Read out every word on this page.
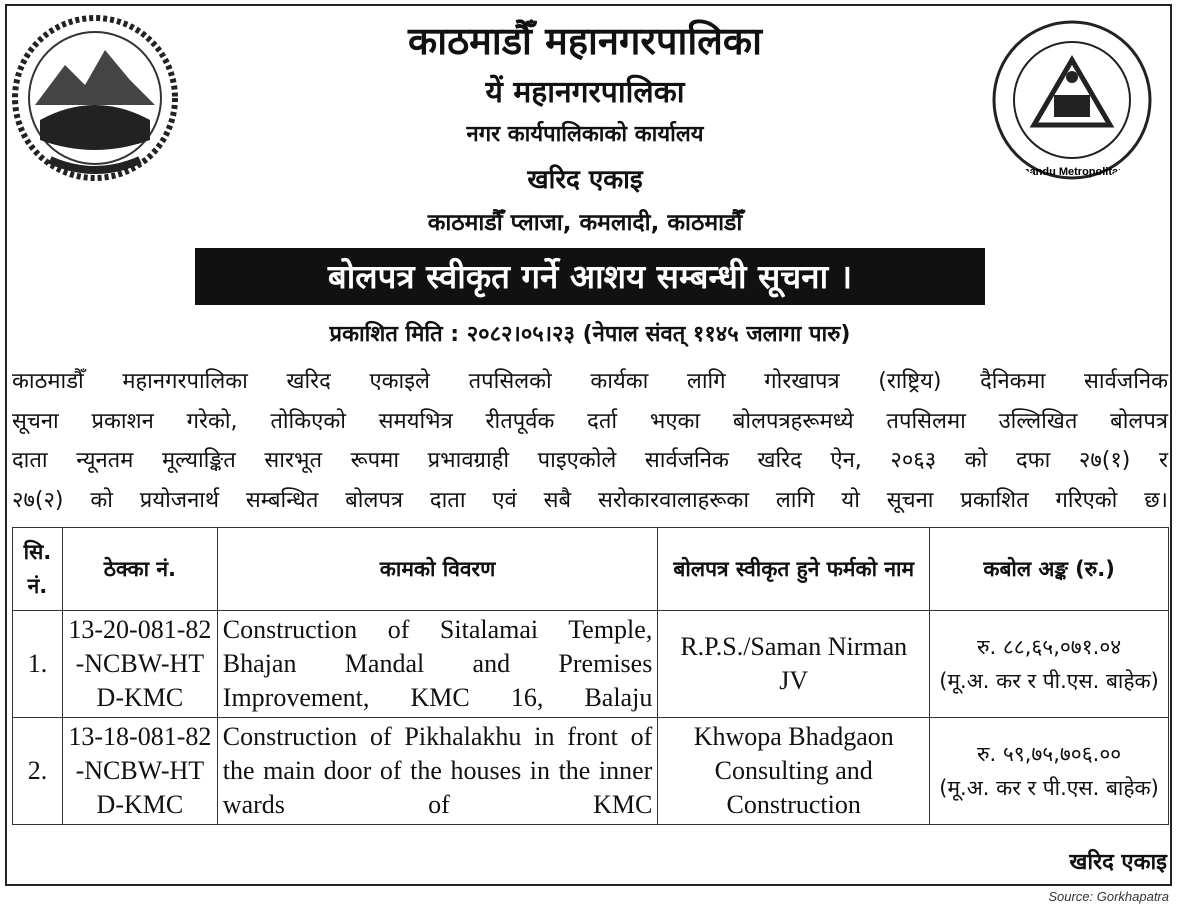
Kathmandu Metropolitan City
काठमाडौँ महानगरपालिका
यें महानगरपालिका
नगर कार्यपालिकाको कार्यालय
खरिद एकाइ
काठमाडौँ प्लाजा, कमलादी, काठमाडौँ
बोलपत्र स्वीकृत गर्ने आशय सम्बन्धी सूचना ।
प्रकाशित मिति : २०८२।०५।२३ (नेपाल संवत् ११४५ जलागा पारु)
काठमाडौँ महानगरपालिका खरिद एकाइले तपसिलको कार्यका लागि गोरखापत्र (राष्ट्रिय) दैनिकमा सार्वजनिक
सूचना प्रकाशन गरेको, तोकिएको समयभित्र रीतपूर्वक दर्ता भएका बोलपत्रहरूमध्ये तपसिलमा उल्लिखित बोलपत्र
दाता न्यूनतम मूल्याङ्कित सारभूत रूपमा प्रभावग्राही पाइएकोले सार्वजनिक खरिद ऐन, २०६३ को दफा २७(१) र
२७(२) को प्रयोजनार्थ सम्बन्धित बोलपत्र दाता एवं सबै सरोकारवालाहरूका लागि यो सूचना प्रकाशित गरिएको छ।
सि. नं.	ठेक्का नं.	कामको विवरण	बोलपत्र स्वीकृत हुने फर्मको नाम	कबोल अङ्क (रु.)
1.	13-20-081-82-NCBW-HTD-KMC	Construction of Sitalamai Temple, Bhajan Mandal and Premises Improvement, KMC 16, Balaju	R.P.S./Saman Nirman JV	रु. ८८,६५,०७१.०४
(मू.अ. कर र पी.एस. बाहेक)

2.	13-18-081-82-NCBW-HTD-KMC	Construction of Pikhalakhu in front of the main door of the houses in the inner wards of KMC	Khwopa Bhadgaon Consulting and Construction	रु. ५९,७५,७०६.००
(मू.अ. कर र पी.एस. बाहेक)
खरिद एकाइ
Source: Gorkhapatra
